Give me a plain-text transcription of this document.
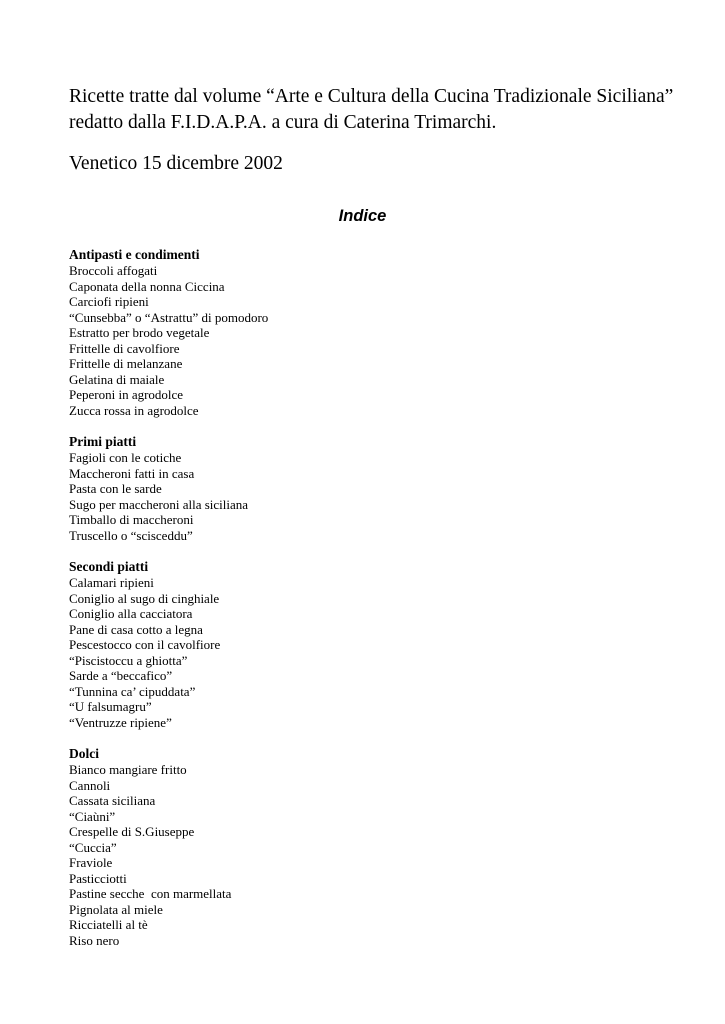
Ricette tratte dal volume “Arte e Cultura della Cucina Tradizionale Siciliana” redatto dalla F.I.D.A.P.A. a cura di Caterina Trimarchi.

Venetico 15 dicembre 2002

Indice
Antipasti e condimenti
Broccoli affogati
Caponata della nonna Ciccina
Carciofi ripieni
“Cunsebba” o “Astrattu” di pomodoro
Estratto per brodo vegetale
Frittelle di cavolfiore
Frittelle di melanzane
Gelatina di maiale
Peperoni in agrodolce
Zucca rossa in agrodolce
Primi piatti
Fagioli con le cotiche
Maccheroni fatti in casa
Pasta con le sarde
Sugo per maccheroni alla siciliana
Timballo di maccheroni
Truscello o “scisceddu”
Secondi piatti
Calamari ripieni
Coniglio al sugo di cinghiale
Coniglio alla cacciatora
Pane di casa cotto a legna
Pescestocco con il cavolfiore
“Piscistoccu a ghiotta”
Sarde a “beccafico”
“Tunnina ca’ cipuddata”
“U falsumagru”
“Ventruzze ripiene”
Dolci
Bianco mangiare fritto
Cannoli
Cassata siciliana
“Ciaùni”
Crespelle di S.Giuseppe
“Cuccia”
Fraviole
Pasticciotti
Pastine secche  con marmellata
Pignolata al miele
Ricciatelli al tè
Riso nero
